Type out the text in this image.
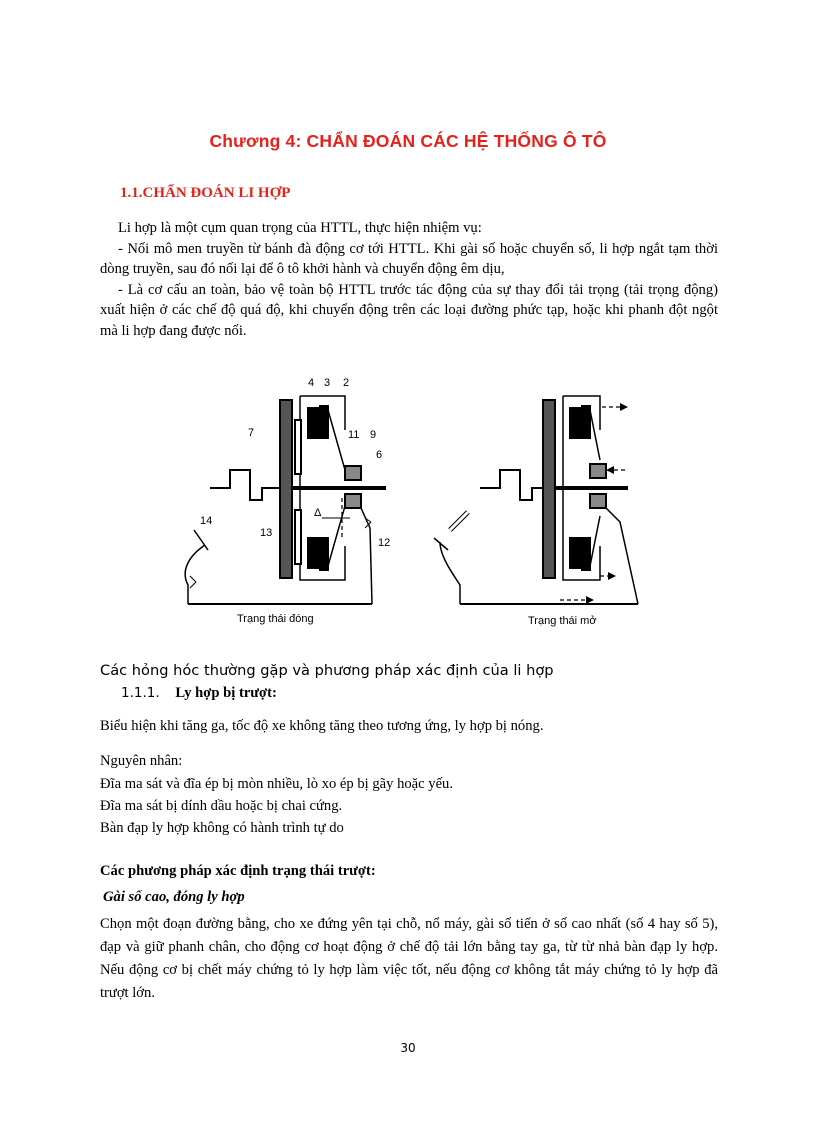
Chương 4: CHẨN ĐOÁN CÁC HỆ THỐNG Ô TÔ
1.1.CHẨN ĐOÁN LI HỢP

Li hợp là một cụm quan trọng của HTTL, thực hiện nhiệm vụ:

- Nối mô men truyền từ bánh đà động cơ tới HTTL. Khi gài số hoặc chuyển số, li hợp ngắt tạm thời dòng truyền, sau đó nối lại để ô tô khởi hành và chuyển động êm dịu,

- Là cơ cấu an toàn, bảo vệ toàn bộ HTTL trước tác động của sự thay đổi tải trọng (tải trọng động) xuất hiện ở các chế độ quá độ, khi chuyển động trên các loại đường phức tạp, hoặc khi phanh đột ngột mà li hợp đang được nối.

4 3 2
7	11 9
6
14
13
12
Δ
Trạng thái đóng	Trạng thái mở
Các hỏng hóc thường gặp và phương pháp xác định của li hợp
1.1.1. Ly hợp bị trượt:
Biểu hiện khi tăng ga, tốc độ xe không tăng theo tương ứng, ly hợp bị nóng.
Nguyên nhân:
Đĩa ma sát và đĩa ép bị mòn nhiều, lò xo ép bị gãy hoặc yếu.
Đĩa ma sát bị dính dầu hoặc bị chai cứng.
Bàn đạp ly hợp không có hành trình tự do
Các phương pháp xác định trạng thái trượt:
Gài số cao, đóng ly hợp

Chọn một đoạn đường bằng, cho xe đứng yên tại chỗ, nổ máy, gài số tiến ở số cao nhất (số 4 hay số 5), đạp và giữ phanh chân, cho động cơ hoạt động ở chế độ tải lớn bằng tay ga, từ từ nhả bàn đạp ly hợp. Nếu động cơ bị chết máy chứng tỏ ly hợp làm việc tốt, nếu động cơ không tắt máy chứng tỏ ly hợp đã trượt lớn.

30
